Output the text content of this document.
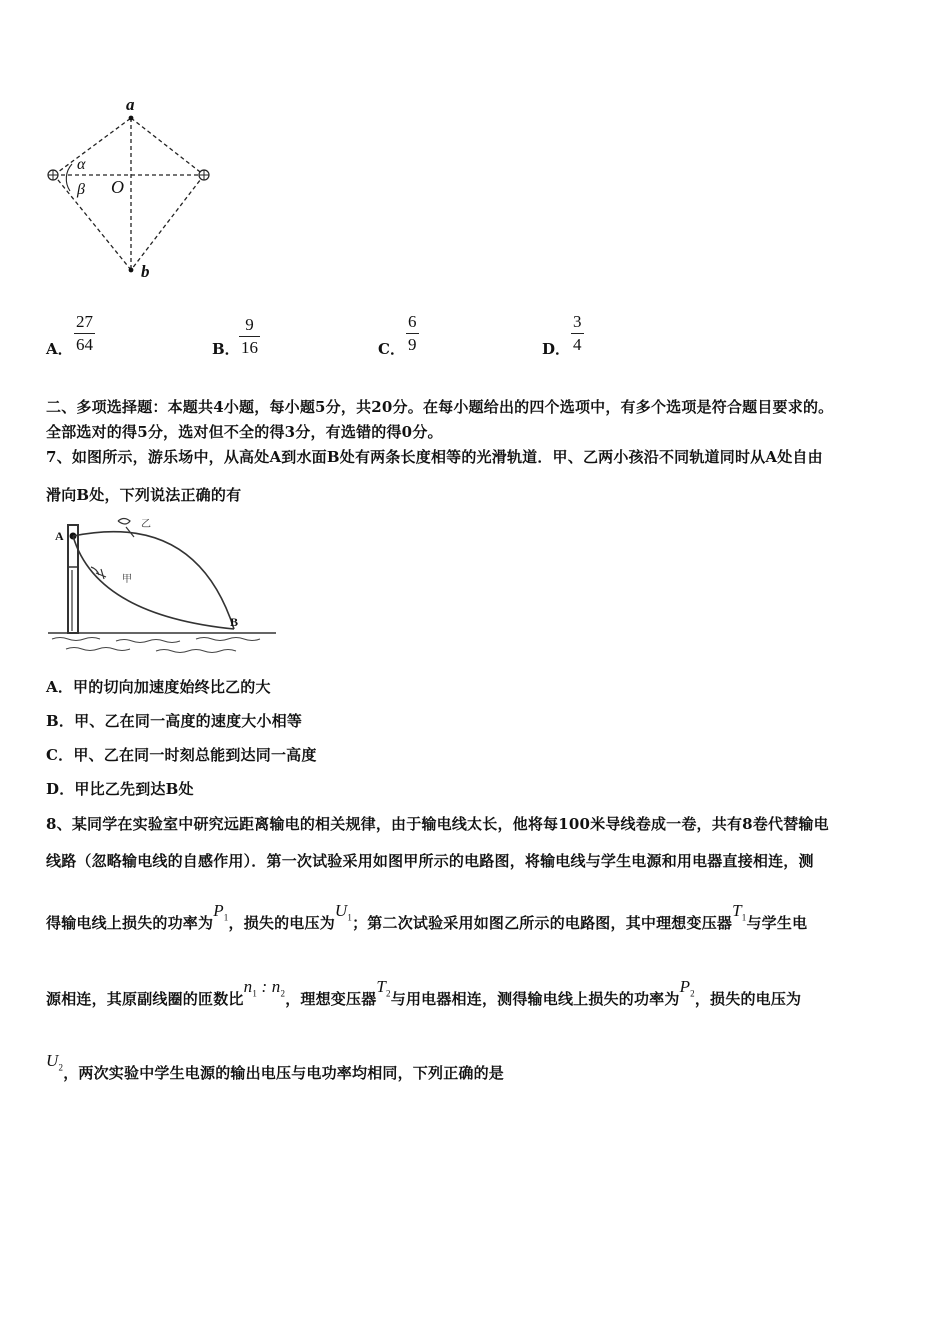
a
b
O
α
β
A．
27
64	B．
9
16	C．
6
9	D．
3
4
二、多项选择题：本题共4小题，每小题5分，共20分。在每小题给出的四个选项中，有多个选项是符合题目要求的。
全部选对的得5分，选对但不全的得3分，有选错的得0分。
7、如图所示，游乐场中，从高处A到水面B处有两条长度相等的光滑轨道．甲、乙两小孩沿不同轨道同时从A处自由
滑向B处，下列说法正确的有
乙
甲
A
B
A．甲的切向加速度始终比乙的大
B．甲、乙在同一高度的速度大小相等
C．甲、乙在同一时刻总能到达同一高度
D．甲比乙先到达B处
8、某同学在实验室中研究远距离输电的相关规律，由于输电线太长，他将每100米导线卷成一卷，共有8卷代替输电
线路（忽略输电线的自感作用）．第一次试验采用如图甲所示的电路图，将输电线与学生电源和用电器直接相连，测
得输电线上损失的功率为$P_1$，损失的电压为$U_1$；第二次试验采用如图乙所示的电路图，其中理想变压器$T_1$与学生电
源相连，其原副线圈的匝数比$n_1$ : $n_2$，理想变压器$T_2$与用电器相连，测得输电线上损失的功率为$P_2$，损失的电压为
$U_2$，两次实验中学生电源的输出电压与电功率均相同，下列正确的是
